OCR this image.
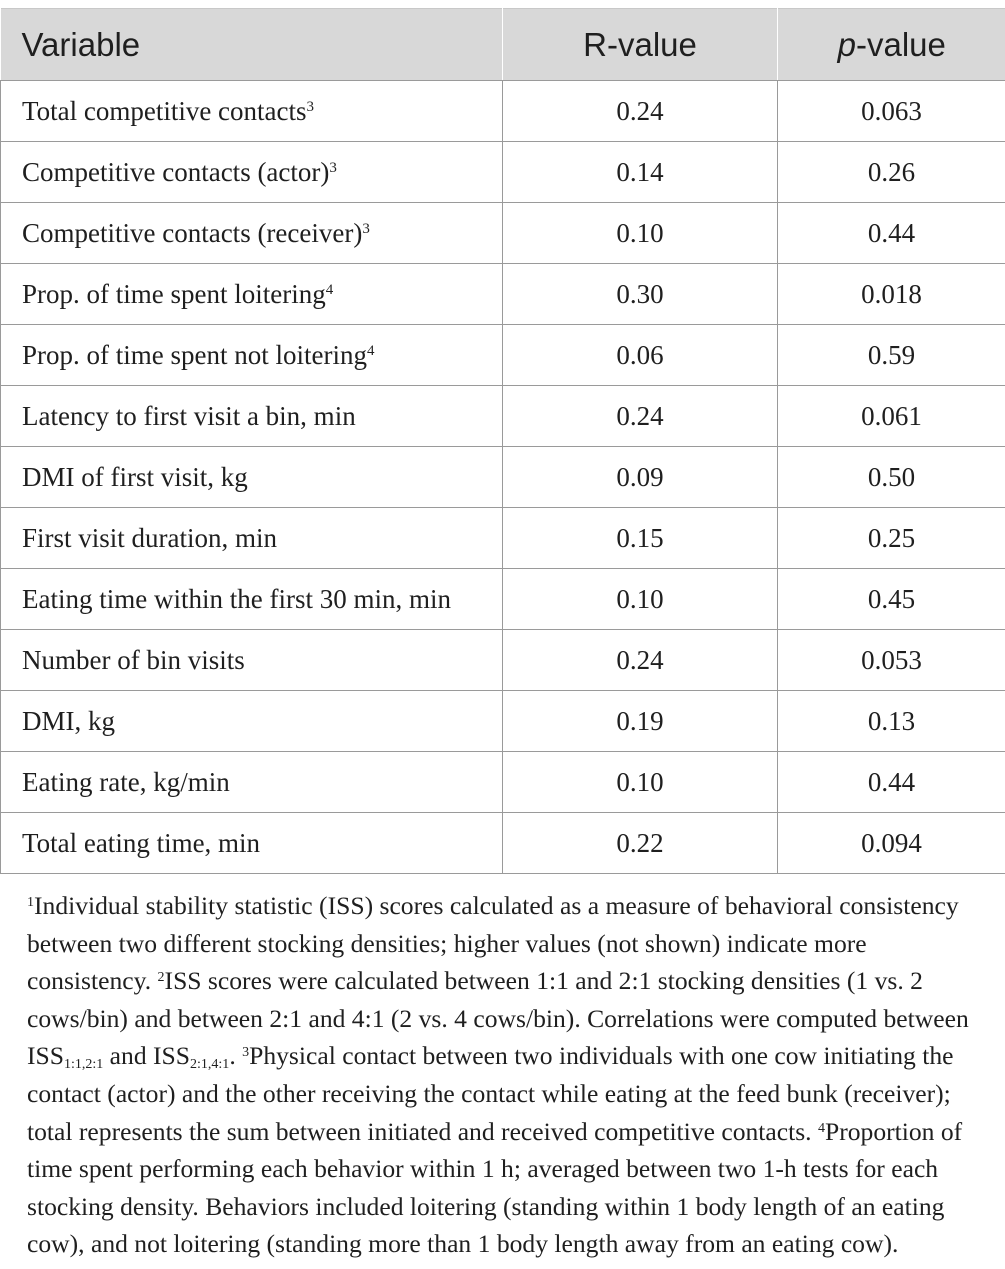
Variable	R-value	p-value
Total competitive contacts$^3$	0.24	0.063
Competitive contacts (actor)$^3$	0.14	0.26
Competitive contacts (receiver)$^3$	0.10	0.44
Prop. of time spent loitering$^4$	0.30	0.018
Prop. of time spent not loitering$^4$	0.06	0.59
Latency to first visit a bin, min	0.24	0.061
DMI of first visit, kg	0.09	0.50
First visit duration, min	0.15	0.25
Eating time within the first 30 min, min	0.10	0.45
Number of bin visits	0.24	0.053
DMI, kg	0.19	0.13
Eating rate, kg/min	0.10	0.44
Total eating time, min	0.22	0.094
$^1$Individual stability statistic (ISS) scores calculated as a measure of behavioral consistency between two different stocking densities; higher values (not shown) indicate more consistency. $^2$ISS scores were calculated between 1:1 and 2:1 stocking densities (1 vs. 2 cows/bin) and between 2:1 and 4:1 (2 vs. 4 cows/bin). Correlations were computed between $ISS_{1:1,2:1}$ and $ISS_{2:1,4:1}$. $^3$Physical contact between two individuals with one cow initiating the contact (actor) and the other receiving the contact while eating at the feed bunk (receiver); total represents the sum between initiated and received competitive contacts. $^4$Proportion of time spent performing each behavior within 1 h; averaged between two 1-h tests for each stocking density. Behaviors included loitering (standing within 1 body length of an eating cow), and not loitering (standing more than 1 body length away from an eating cow).
